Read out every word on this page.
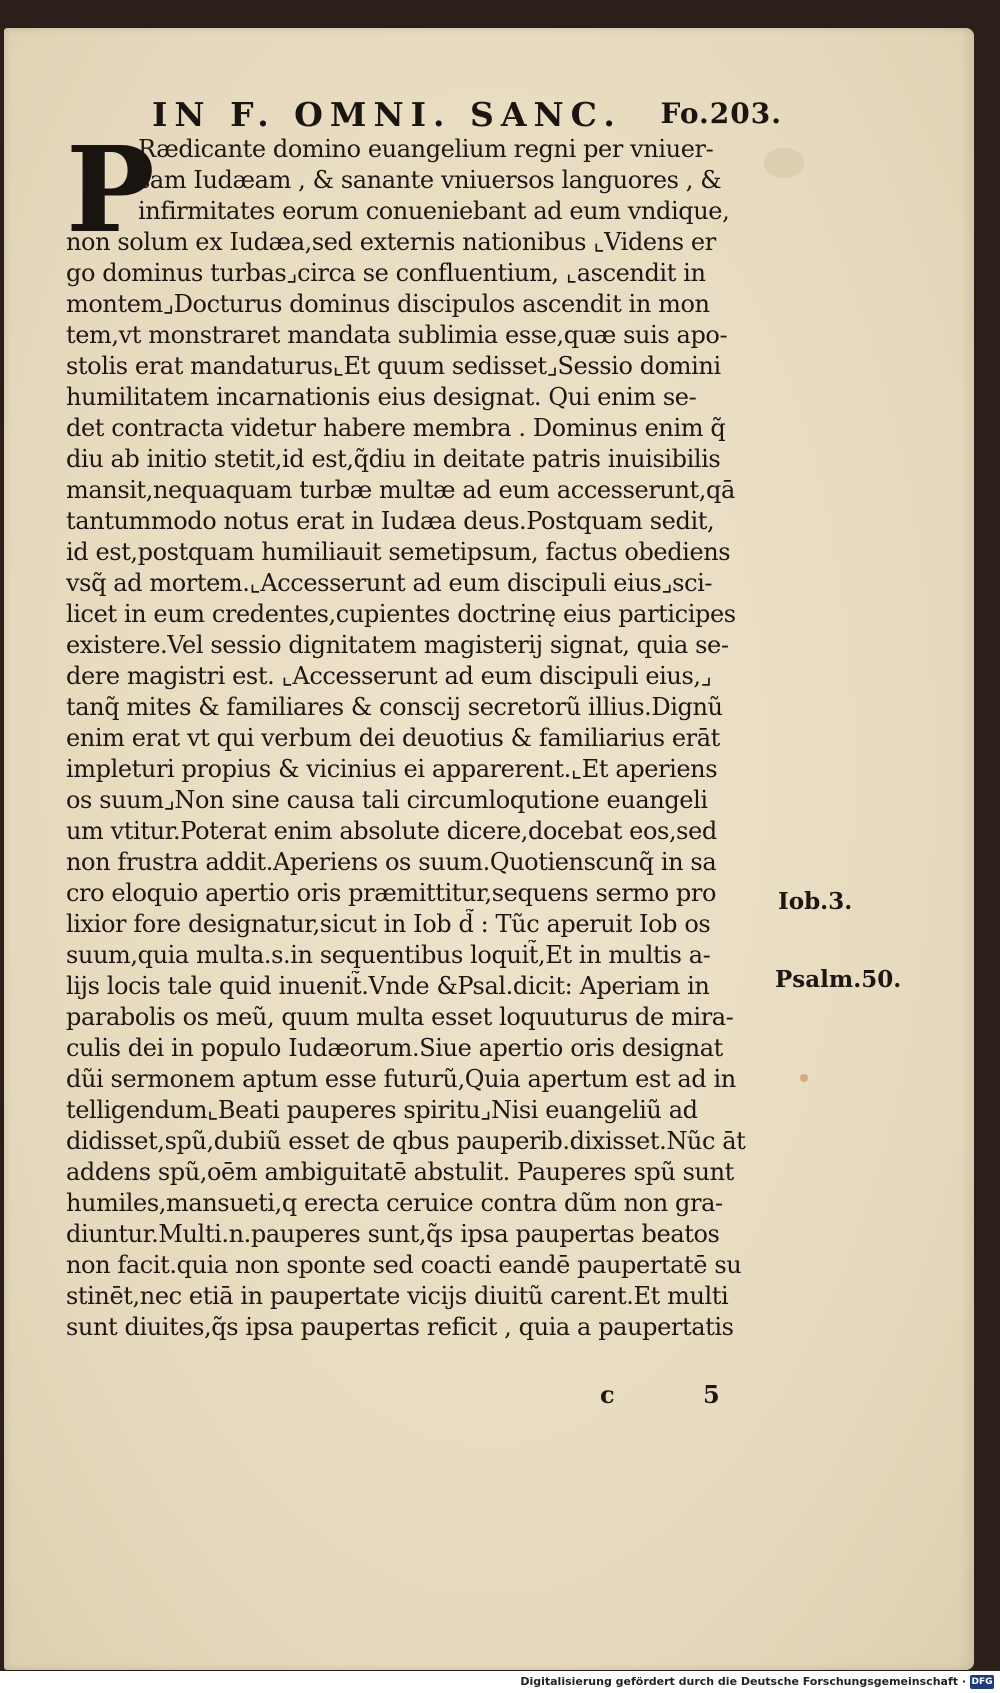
IN F. OMNI. SANC. Fo.203.
P
Rædicante domino euangelium regni per vniuer-
sam Iudæam , & sanante vniuersos languores , &
infirmitates eorum conueniebant ad eum vndique,
non solum ex Iudæa,sed externis nationibus ⌞Videns er
go dominus turbas⌟circa se confluentium, ⌞ascendit in
montem⌟Docturus dominus discipulos ascendit in mon
tem,vt monstraret mandata sublimia esse,quæ suis apo-
stolis erat mandaturus⌞Et quum sedisset⌟Sessio domini
humilitatem incarnationis eius designat. Qui enim se-
det contracta videtur habere membra . Dominus enim q̃
diu ab initio stetit,id est,q̃diu in deitate patris inuisibilis
mansit,nequaquam turbæ multæ ad eum accesserunt,qā
tantummodo notus erat in Iudæa deus.Postquam sedit,
id est,postquam humiliauit semetipsum, factus obediens
vsq̃ ad mortem.⌞Accesserunt ad eum discipuli eius⌟sci-
licet in eum credentes,cupientes doctrinę eius participes
existere.Vel sessio dignitatem magisterij signat, quia se-
dere magistri est. ⌞Accesserunt ad eum discipuli eius,⌟
tanq̃ mites & familiares & conscij secretorũ illius.Dignũ
enim erat vt qui verbum dei deuotius & familiarius erāt
impleturi propius & vicinius ei apparerent.⌞Et aperiens
os suum⌟Non sine causa tali circumloqutione euangeli
um vtitur.Poterat enim absolute dicere,docebat eos,sed
non frustra addit.Aperiens os suum.Quotienscunq̃ in sa
cro eloquio apertio oris præmittitur,sequens sermo pro
lixior fore designatur,sicut in Iob d̃ : Tũc aperuit Iob os
suum,quia multa.s.in sequentibus loquit̃,Et in multis a-
lijs locis tale quid inuenit̃.Vnde &Psal.dicit: Aperiam in
parabolis os meũ, quum multa esset loquuturus de mira-
culis dei in populo Iudæorum.Siue apertio oris designat
dũi sermonem aptum esse futurũ,Quia apertum est ad in
telligendum⌞Beati pauperes spiritu⌟Nisi euangeliũ ad
didisset,spũ,dubiũ esset de qbus pauperib.dixisset.Nũc āt
addens spũ,oēm ambiguitatē abstulit. Pauperes spũ sunt
humiles,mansueti,q erecta ceruice contra dũm non gra-
diuntur.Multi.n.pauperes sunt,q̃s ipsa paupertas beatos
non facit.quia non sponte sed coacti eandē paupertatē su
stinēt,nec etiā in paupertate vicijs diuitũ carent.Et multi
sunt diuites,q̃s ipsa paupertas reficit , quia a paupertatis
Iob.3.
Psalm.50.
c 5
Digitalisierung gefördert durch die Deutsche Forschungsgemeinschaft · DFG
